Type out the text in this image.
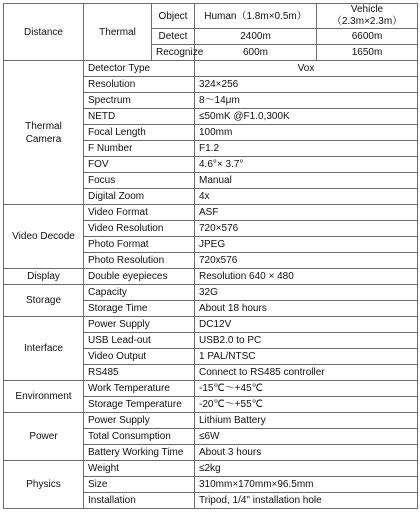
Distance	Thermal	Object	Human（1.8m×0.5m）	Vehicle
（2.3m×2.3m）
		Detect	2400m	6600m
		Recognize	600m	1650m
Thermal
Camera	Detector Type		Vox	
	Resolution		324×256	
	Spectrum		8～14μm	
	NETD		≤50mK @F1.0,300K	
	Focal Length		100mm	
	F Number		F1.2	
	FOV		4.6°× 3.7°	
	Focus		Manual	
	Digital Zoom		4x	
Video Decode	Video Format		ASF	
	Video Resolution		720×576	
	Photo Format		JPEG	
	Photo Resolution		720x576	
Display	Double eyepieces		Resolution 640 × 480	
Storage	Capacity		32G	
	Storage Time		About 18 hours	
Interface	Power Supply		DC12V	
	USB Lead-out		USB2.0 to PC	
	Video Output		1 PAL/NTSC	
	RS485		Connect to RS485 controller	
Environment	Work Temperature		-15℃～+45℃	
	Storage Temperature		-20℃～+55℃	
Power	Power Supply		Lithium Battery	
	Total Consumption		≤6W	
	Battery Working Time		About 3 hours	
Physics	Weight		≤2kg	
	Size		310mm×170mm×96.5mm	
	Installation		Tripod, 1/4" installation hole	
